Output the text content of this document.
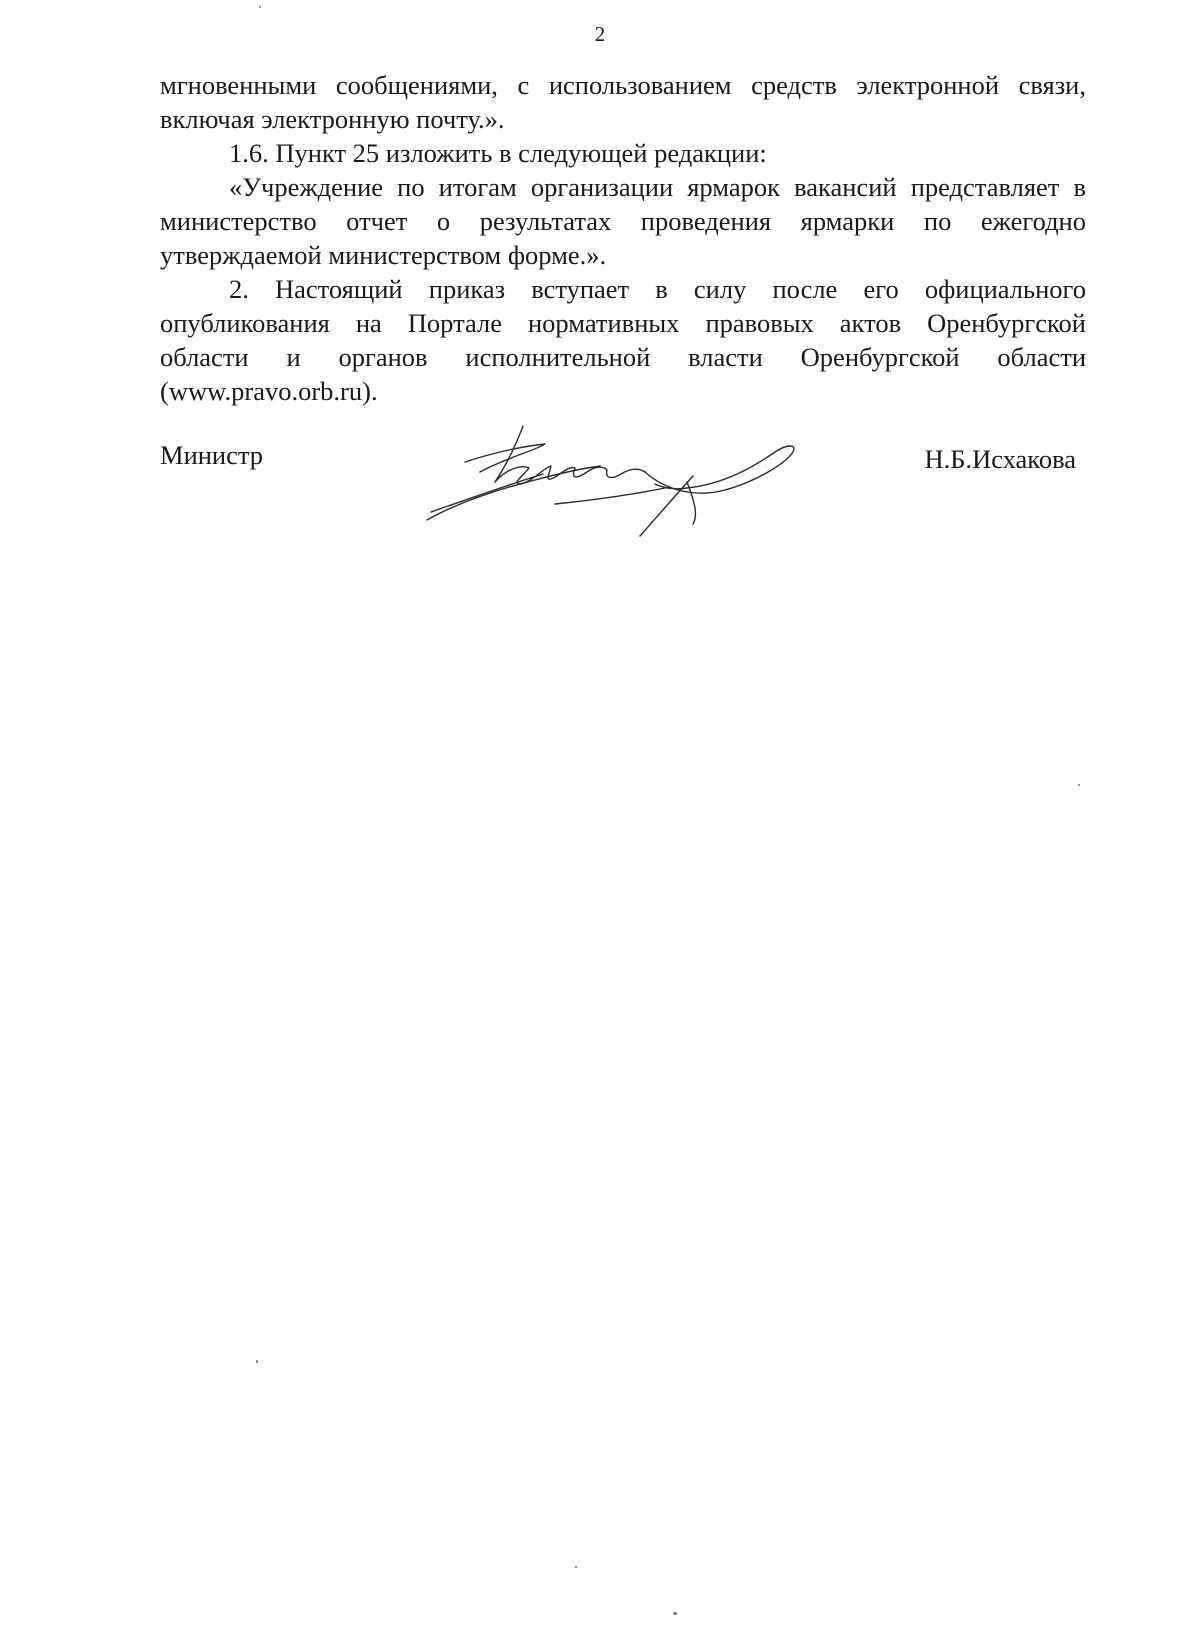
2
мгновенными сообщениями, с использованием средств электронной связи,
включая электронную почту.».
1.6. Пункт 25 изложить в следующей редакции:
«Учреждение по итогам организации ярмарок вакансий представляет в
министерство отчет о результатах проведения ярмарки по ежегодно
утверждаемой министерством форме.».
2. Настоящий приказ вступает в силу после его официального
опубликования на Портале нормативных правовых актов Оренбургской
области и органов исполнительной власти Оренбургской области
(www.pravo.orb.ru).
Министр	Н.Б.Исхакова
